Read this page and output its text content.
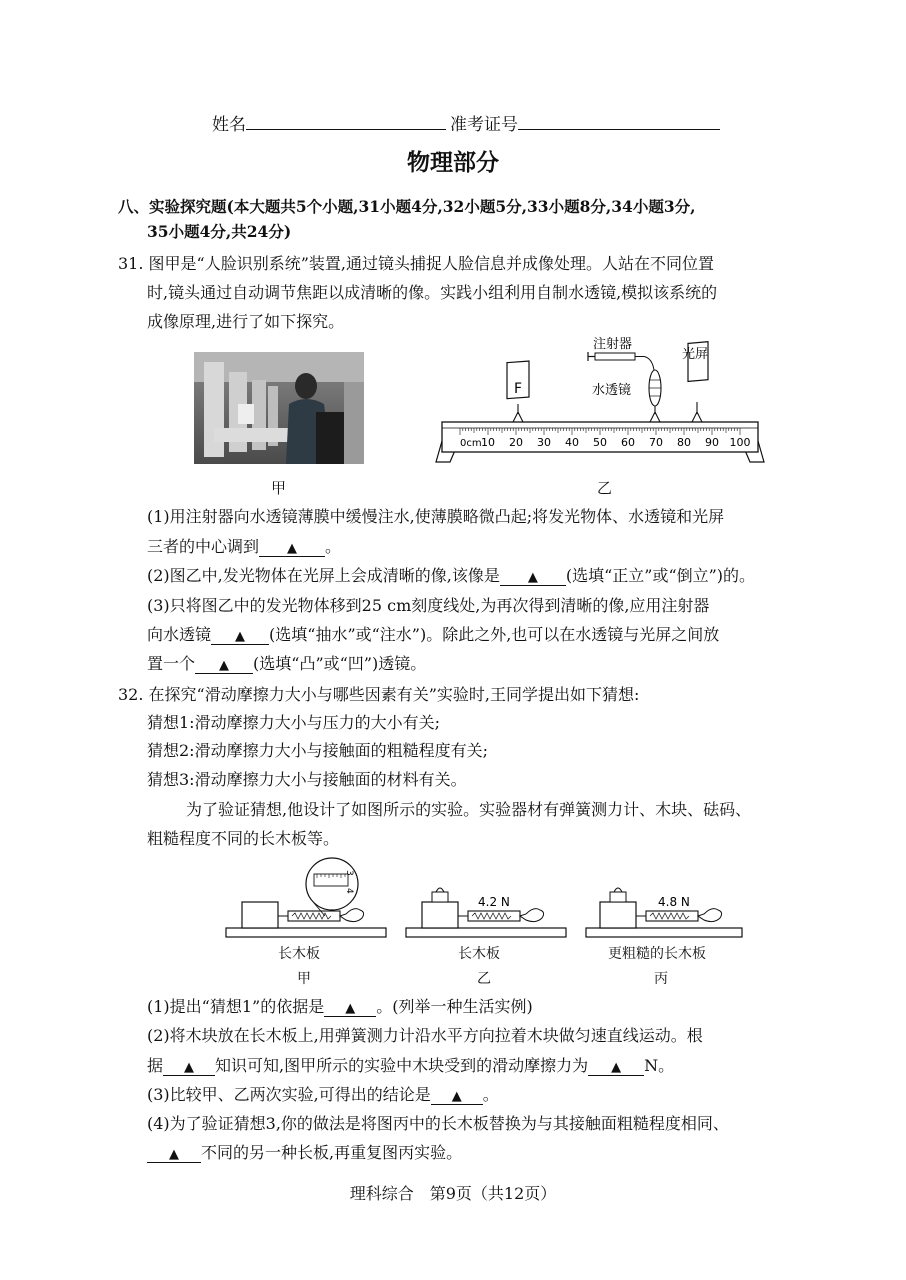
姓名	准考证号
物理部分
八、实验探究题(本大题共5个小题,31小题4分,32小题5分,33小题8分,34小题3分,
35小题4分,共24分)
31. 图甲是“人脸识别系统”装置,通过镜头捕捉人脸信息并成像处理。人站在不同位置
时,镜头通过自动调节焦距以成清晰的像。实践小组利用自制水透镜,模拟该系统的
成像原理,进行了如下探究。
甲
10 20 30 40 50 60 70 80 90 100
0cm
F
注射器
水透镜
光屏
乙
(1)用注射器向水透镜薄膜中缓慢注水,使薄膜略微凸起;将发光物体、水透镜和光屏
三者的中心调到 ▲ 。
(2)图乙中,发光物体在光屏上会成清晰的像,该像是 ▲ (选填“正立”或“倒立”)的。
(3)只将图乙中的发光物体移到25 cm刻度线处,为再次得到清晰的像,应用注射器
向水透镜 ▲ (选填“抽水”或“注水”)。除此之外,也可以在水透镜与光屏之间放
置一个 ▲ (选填“凸”或“凹”)透镜。
32. 在探究“滑动摩擦力大小与哪些因素有关”实验时,王同学提出如下猜想:
猜想1:滑动摩擦力大小与压力的大小有关;
猜想2:滑动摩擦力大小与接触面的粗糙程度有关;
猜想3:滑动摩擦力大小与接触面的材料有关。
为了验证猜想,他设计了如图所示的实验。实验器材有弹簧测力计、木块、砝码、
粗糙程度不同的长木板等。
3
4
4.2 N	4.8 N
长木板
甲
长木板
乙
更粗糙的长木板
丙
(1)提出“猜想1”的依据是 ▲ 。(列举一种生活实例)
(2)将木块放在长木板上,用弹簧测力计沿水平方向拉着木块做匀速直线运动。根
据 ▲ 知识可知,图甲所示的实验中木块受到的滑动摩擦力为 ▲ N。
(3)比较甲、乙两次实验,可得出的结论是 ▲ 。
(4)为了验证猜想3,你的做法是将图丙中的长木板替换为与其接触面粗糙程度相同、
▲ 不同的另一种长板,再重复图丙实验。
理科综合　第9页（共12页）
